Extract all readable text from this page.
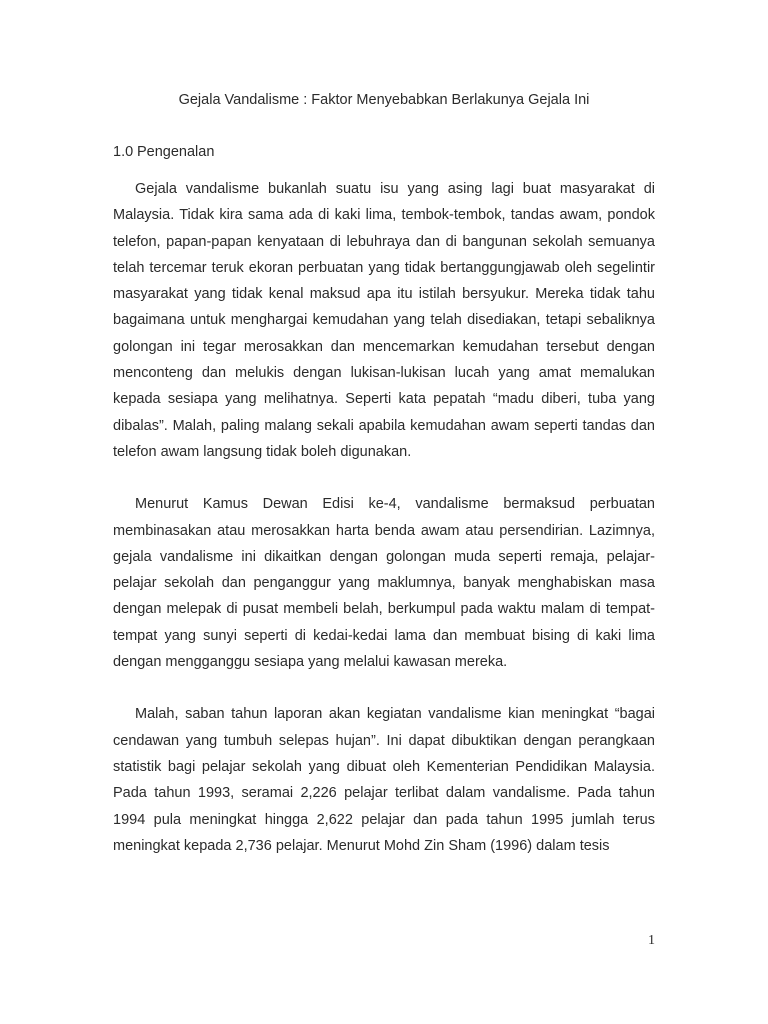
Gejala Vandalisme : Faktor Menyebabkan Berlakunya Gejala Ini
1.0 Pengenalan

Gejala vandalisme bukanlah suatu isu yang asing lagi buat masyarakat di Malaysia. Tidak kira sama ada di kaki lima, tembok-tembok, tandas awam, pondok telefon, papan-papan kenyataan di lebuhraya dan di bangunan sekolah semuanya telah tercemar teruk ekoran perbuatan yang tidak bertanggungjawab oleh segelintir masyarakat yang tidak kenal maksud apa itu istilah bersyukur. Mereka tidak tahu bagaimana untuk menghargai kemudahan yang telah disediakan, tetapi sebaliknya golongan ini tegar merosakkan dan mencemarkan kemudahan tersebut dengan menconteng dan melukis dengan lukisan-lukisan lucah yang amat memalukan kepada sesiapa yang melihatnya. Seperti kata pepatah “madu diberi, tuba yang dibalas”. Malah, paling malang sekali apabila kemudahan awam seperti tandas dan telefon awam langsung tidak boleh digunakan.

Menurut Kamus Dewan Edisi ke-4, vandalisme bermaksud perbuatan membinasakan atau merosakkan harta benda awam atau persendirian. Lazimnya, gejala vandalisme ini dikaitkan dengan golongan muda seperti remaja, pelajar-pelajar sekolah dan penganggur yang maklumnya, banyak menghabiskan masa dengan melepak di pusat membeli belah, berkumpul pada waktu malam di tempat-tempat yang sunyi seperti di kedai-kedai lama dan membuat bising di kaki lima dengan mengganggu sesiapa yang melalui kawasan mereka.

Malah, saban tahun laporan akan kegiatan vandalisme kian meningkat “bagai cendawan yang tumbuh selepas hujan”. Ini dapat dibuktikan dengan perangkaan statistik bagi pelajar sekolah yang dibuat oleh Kementerian Pendidikan Malaysia. Pada tahun 1993, seramai 2,226 pelajar terlibat dalam vandalisme. Pada tahun 1994 pula meningkat hingga 2,622 pelajar dan pada tahun 1995 jumlah terus meningkat kepada 2,736 pelajar. Menurut Mohd Zin Sham (1996) dalam tesis

1
